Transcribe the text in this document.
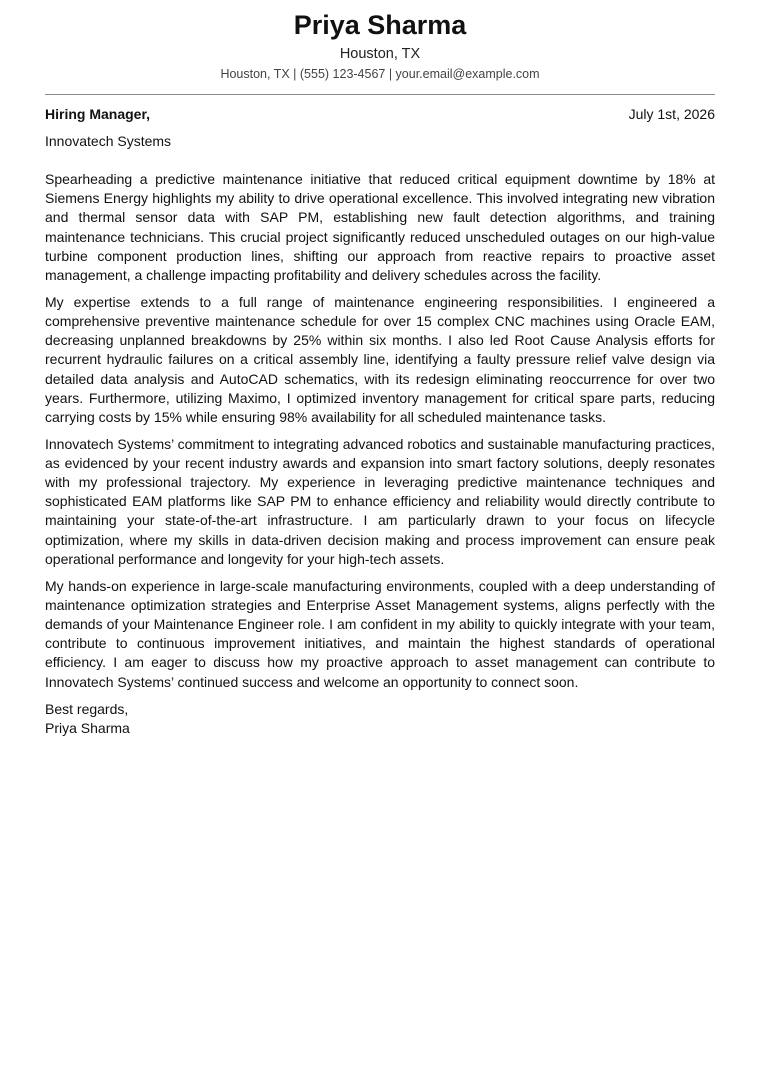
Priya Sharma
Houston, TX
Houston, TX | (555) 123-4567 | your.email@example.com
Hiring Manager,	July 1st, 2026
Innovatech Systems

Spearheading a predictive maintenance initiative that reduced critical equipment downtime by 18% at Siemens Energy highlights my ability to drive operational excellence. This involved integrating new vibration and thermal sensor data with SAP PM, establishing new fault detection algorithms, and training maintenance technicians. This crucial project significantly reduced unscheduled outages on our high-value turbine component production lines, shifting our approach from reactive repairs to proactive asset management, a challenge impacting profitability and delivery schedules across the facility.

My expertise extends to a full range of maintenance engineering responsibilities. I engineered a comprehensive preventive maintenance schedule for over 15 complex CNC machines using Oracle EAM, decreasing unplanned breakdowns by 25% within six months. I also led Root Cause Analysis efforts for recurrent hydraulic failures on a critical assembly line, identifying a faulty pressure relief valve design via detailed data analysis and AutoCAD schematics, with its redesign eliminating reoccurrence for over two years. Furthermore, utilizing Maximo, I optimized inventory management for critical spare parts, reducing carrying costs by 15% while ensuring 98% availability for all scheduled maintenance tasks.

Innovatech Systems’ commitment to integrating advanced robotics and sustainable manufacturing practices, as evidenced by your recent industry awards and expansion into smart factory solutions, deeply resonates with my professional trajectory. My experience in leveraging predictive maintenance techniques and sophisticated EAM platforms like SAP PM to enhance efficiency and reliability would directly contribute to maintaining your state-of-the-art infrastructure. I am particularly drawn to your focus on lifecycle optimization, where my skills in data-driven decision making and process improvement can ensure peak operational performance and longevity for your high-tech assets.

My hands-on experience in large-scale manufacturing environments, coupled with a deep understanding of maintenance optimization strategies and Enterprise Asset Management systems, aligns perfectly with the demands of your Maintenance Engineer role. I am confident in my ability to quickly integrate with your team, contribute to continuous improvement initiatives, and maintain the highest standards of operational efficiency. I am eager to discuss how my proactive approach to asset management can contribute to Innovatech Systems’ continued success and welcome an opportunity to connect soon.

Best regards,
Priya Sharma
